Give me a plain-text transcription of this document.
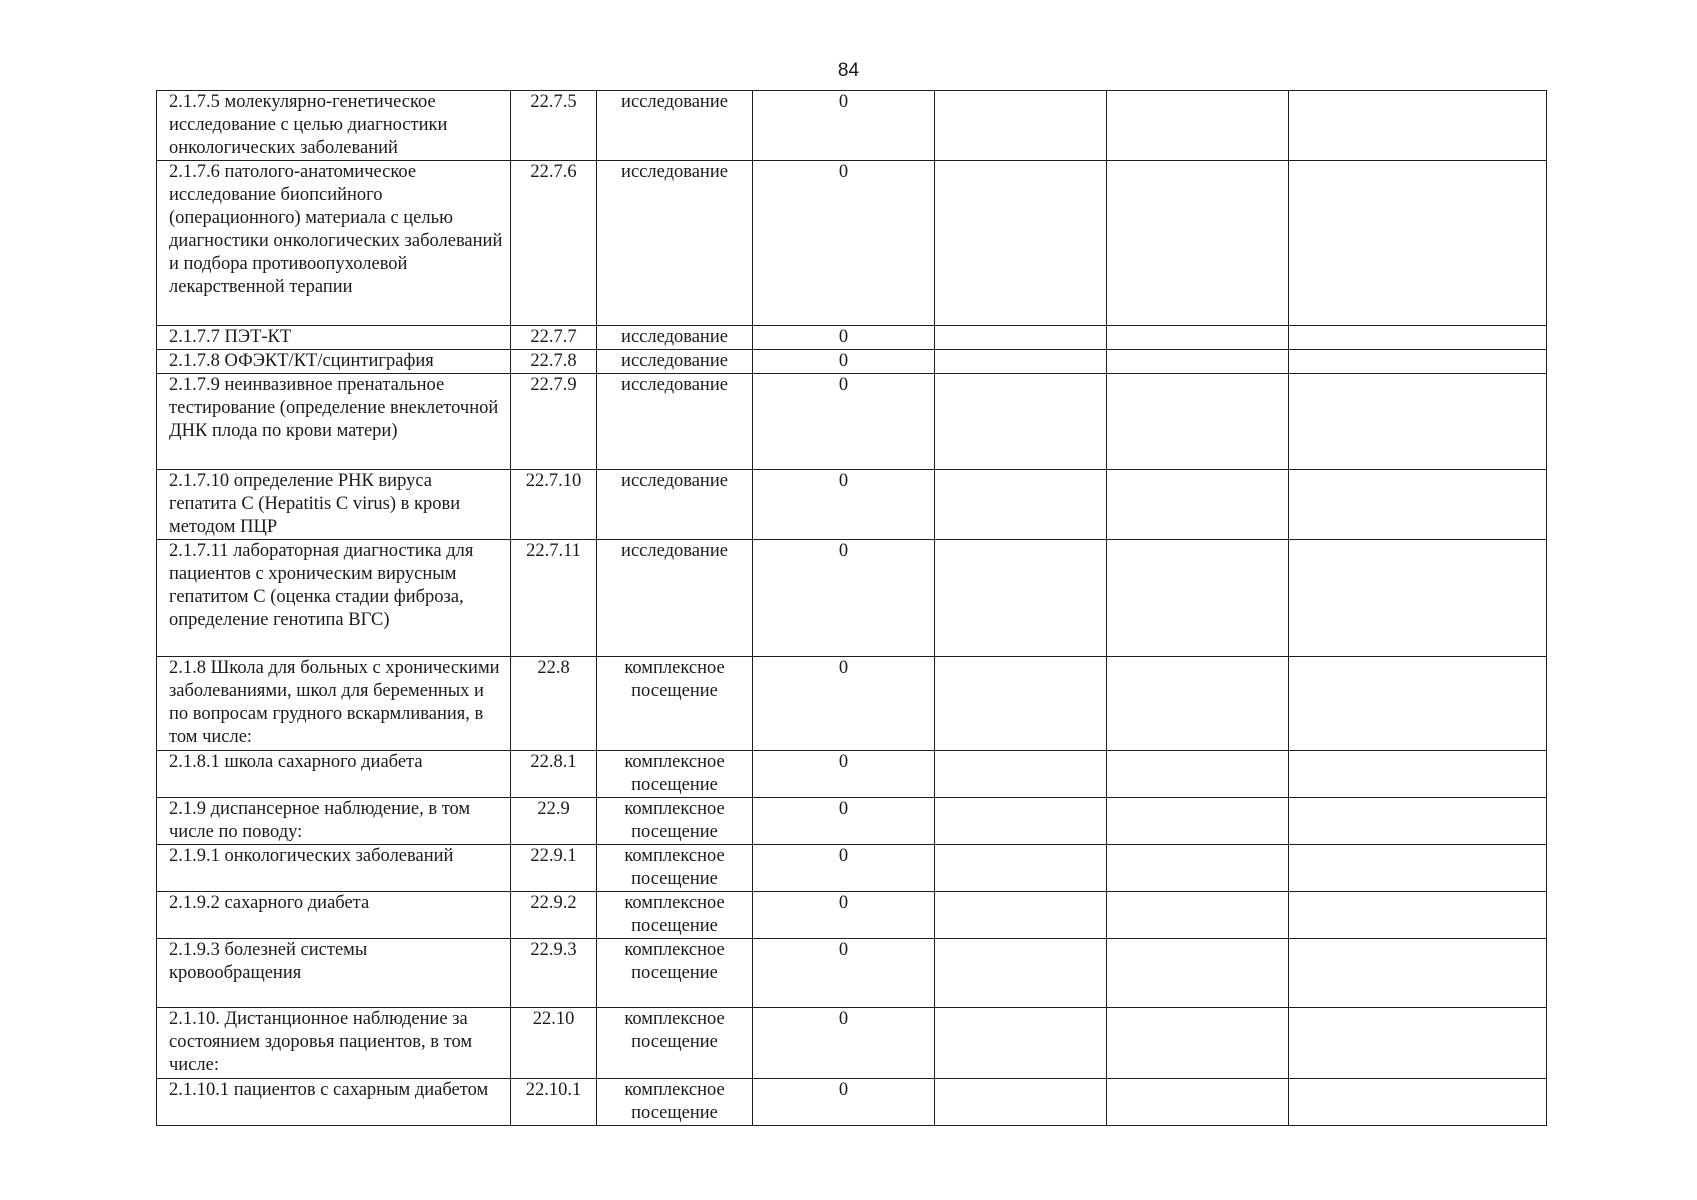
84
2.1.7.5 молекулярно-генетическое исследование с целью диагностики онкологических заболеваний	22.7.5	исследование	0			
2.1.7.6 патолого-анатомическое исследование биопсийного (операционного) материала с целью диагностики онкологических заболеваний и подбора противоопухолевой лекарственной терапии	22.7.6	исследование	0			
2.1.7.7 ПЭТ-КТ	22.7.7	исследование	0			
2.1.7.8 ОФЭКТ/КТ/сцинтиграфия	22.7.8	исследование	0			
2.1.7.9 неинвазивное пренатальное тестирование (определение внеклеточной ДНК плода по крови матери)	22.7.9	исследование	0			
2.1.7.10 определение РНК вируса гепатита С (Hepatitis C virus) в крови методом ПЦР	22.7.10	исследование	0			
2.1.7.11 лабораторная диагностика для пациентов с хроническим вирусным гепатитом С (оценка стадии фиброза, определение генотипа ВГС)	22.7.11	исследование	0			
2.1.8 Школа для больных с хроническими заболеваниями, школ для беременных и по вопросам грудного вскармливания, в том числе:	22.8	комплексное посещение	0			
2.1.8.1 школа сахарного диабета	22.8.1	комплексное посещение	0			
2.1.9 диспансерное наблюдение, в том числе по поводу:	22.9	комплексное посещение	0			
2.1.9.1 онкологических заболеваний	22.9.1	комплексное посещение	0			
2.1.9.2 сахарного диабета	22.9.2	комплексное посещение	0			
2.1.9.3 болезней системы кровообращения	22.9.3	комплексное посещение	0			
2.1.10. Дистанционное наблюдение за состоянием здоровья пациентов, в том числе:	22.10	комплексное посещение	0			
2.1.10.1 пациентов с сахарным диабетом	22.10.1	комплексное посещение	0			
